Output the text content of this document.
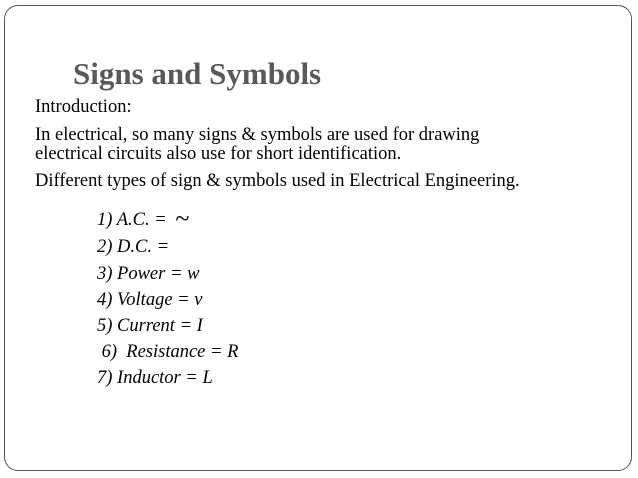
Signs and Symbols
Introduction:
In electrical, so many signs & symbols are used for drawing
electrical circuits also use for short identification.
Different types of sign & symbols used in Electrical Engineering.
1) A.C. = ~
2) D.C. =
3) Power = w
4) Voltage = v
5) Current = I
6)  Resistance = R
7) Inductor = L
